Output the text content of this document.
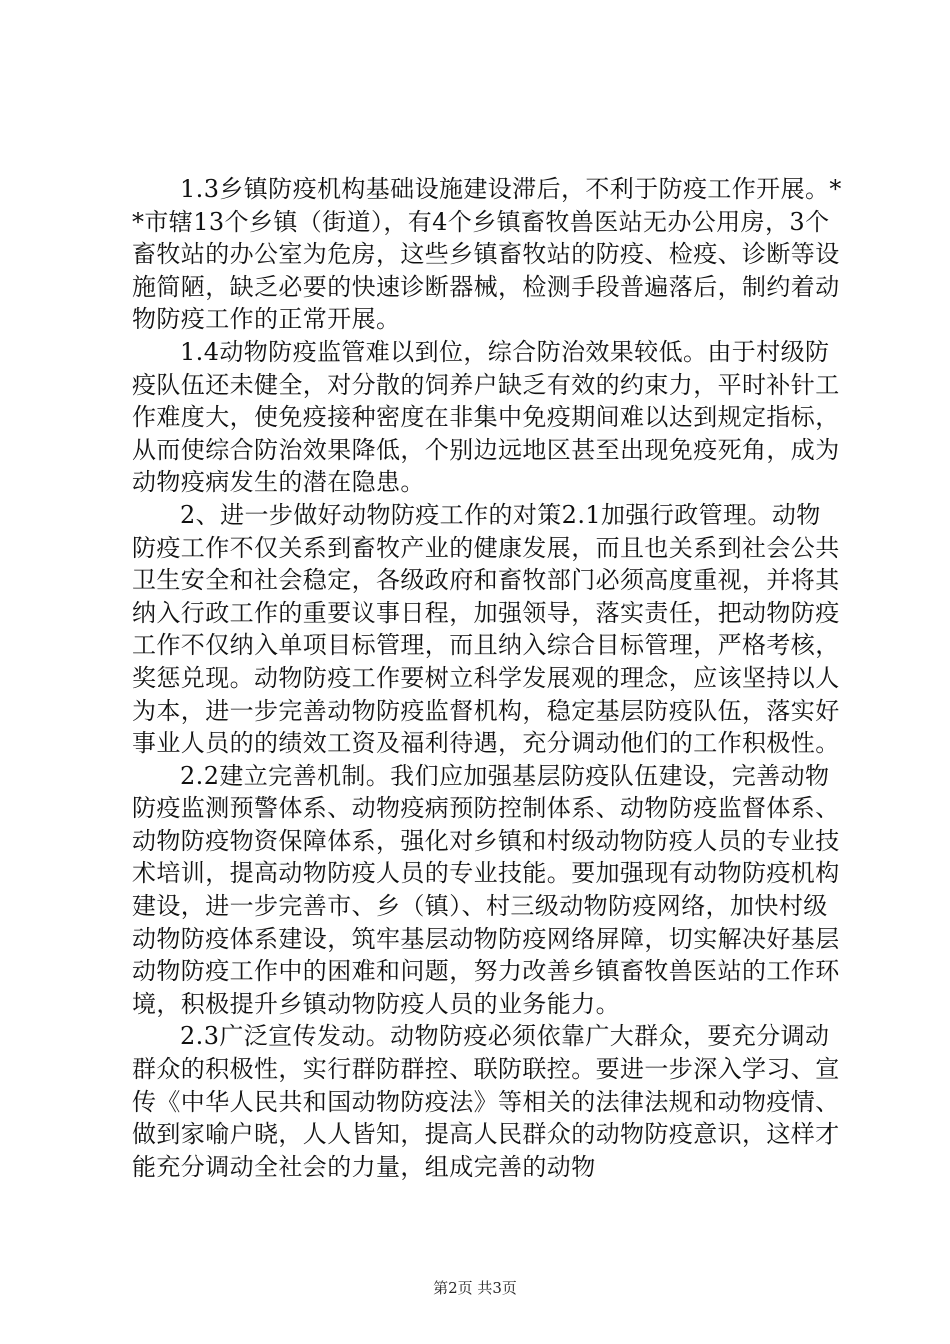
1.3乡镇防疫机构基础设施建设滞后，不利于防疫工作开展。**市辖13个乡镇（街道），有4个乡镇畜牧兽医站无办公用房，3个畜牧站的办公室为危房，这些乡镇畜牧站的防疫、检疫、诊断等设施简陋，缺乏必要的快速诊断器械，检测手段普遍落后，制约着动物防疫工作的正常开展。

1.4动物防疫监管难以到位，综合防治效果较低。由于村级防疫队伍还未健全，对分散的饲养户缺乏有效的约束力，平时补针工作难度大，使免疫接种密度在非集中免疫期间难以达到规定指标，从而使综合防治效果降低，个别边远地区甚至出现免疫死角，成为动物疫病发生的潜在隐患。

2、进一步做好动物防疫工作的对策2.1加强行政管理。动物防疫工作不仅关系到畜牧产业的健康发展，而且也关系到社会公共卫生安全和社会稳定，各级政府和畜牧部门必须高度重视，并将其纳入行政工作的重要议事日程，加强领导，落实责任，把动物防疫工作不仅纳入单项目标管理，而且纳入综合目标管理，严格考核，奖惩兑现。动物防疫工作要树立科学发展观的理念，应该坚持以人为本，进一步完善动物防疫监督机构，稳定基层防疫队伍，落实好事业人员的的绩效工资及福利待遇，充分调动他们的工作积极性。

2.2建立完善机制。我们应加强基层防疫队伍建设，完善动物防疫监测预警体系、动物疫病预防控制体系、动物防疫监督体系、动物防疫物资保障体系，强化对乡镇和村级动物防疫人员的专业技术培训，提高动物防疫人员的专业技能。要加强现有动物防疫机构建设，进一步完善市、乡（镇）、村三级动物防疫网络，加快村级动物防疫体系建设，筑牢基层动物防疫网络屏障，切实解决好基层动物防疫工作中的困难和问题，努力改善乡镇畜牧兽医站的工作环境，积极提升乡镇动物防疫人员的业务能力。

2.3广泛宣传发动。动物防疫必须依靠广大群众，要充分调动群众的积极性，实行群防群控、联防联控。要进一步深入学习、宣传《中华人民共和国动物防疫法》等相关的法律法规和动物疫情、做到家喻户晓，人人皆知，提高人民群众的动物防疫意识，这样才能充分调动全社会的力量，组成完善的动物

第2页 共3页
